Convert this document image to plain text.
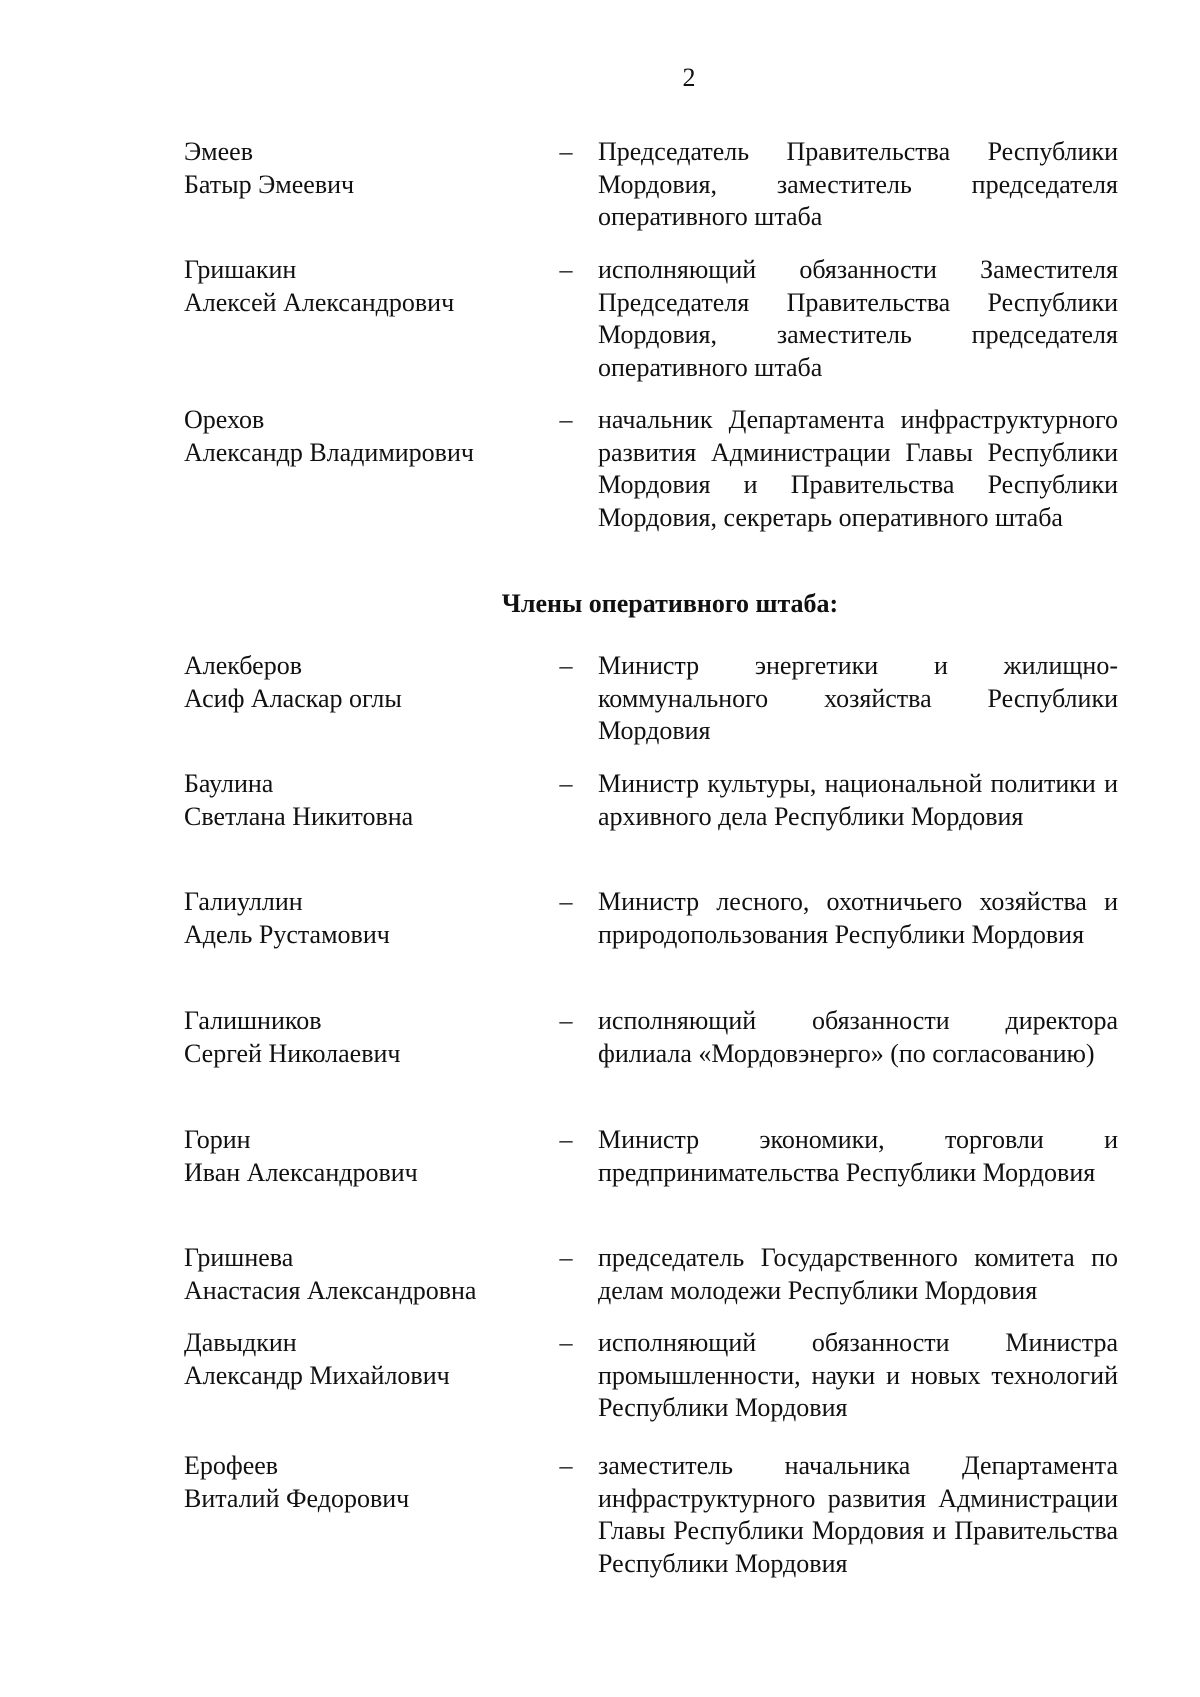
2
Эмеев
Батыр Эмеевич
– Председатель Правительства Республики Мордовия, заместитель председателя оперативного штаба
Гришакин
Алексей Александрович
– исполняющий обязанности Заместителя Председателя Правительства Республики Мордовия, заместитель председателя оперативного штаба
Орехов
Александр Владимирович
– начальник Департамента инфраструктурного развития Администрации Главы Республики Мордовия и Правительства Республики Мордовия, секретарь оперативного штаба
Члены оперативного штаба:
Алекберов
Асиф Аласкар оглы
– Министр энергетики и жилищно-коммунального хозяйства Республики Мордовия
Баулина
Светлана Никитовна
– Министр культуры, национальной политики и архивного дела Республики Мордовия
Галиуллин
Адель Рустамович
– Министр лесного, охотничьего хозяйства и природопользования Республики Мордовия
Галишников
Сергей Николаевич
– исполняющий обязанности директора филиала «Мордовэнерго» (по согласованию)
Горин
Иван Александрович
– Министр экономики, торговли и предпринимательства Республики Мордовия
Гришнева
Анастасия Александровна
– председатель Государственного комитета по делам молодежи Республики Мордовия
Давыдкин
Александр Михайлович
– исполняющий обязанности Министра промышленности, науки и новых технологий Республики Мордовия
Ерофеев
Виталий Федорович
– заместитель начальника Департамента инфраструктурного развития Администрации Главы Республики Мордовия и Правительства Республики Мордовия
